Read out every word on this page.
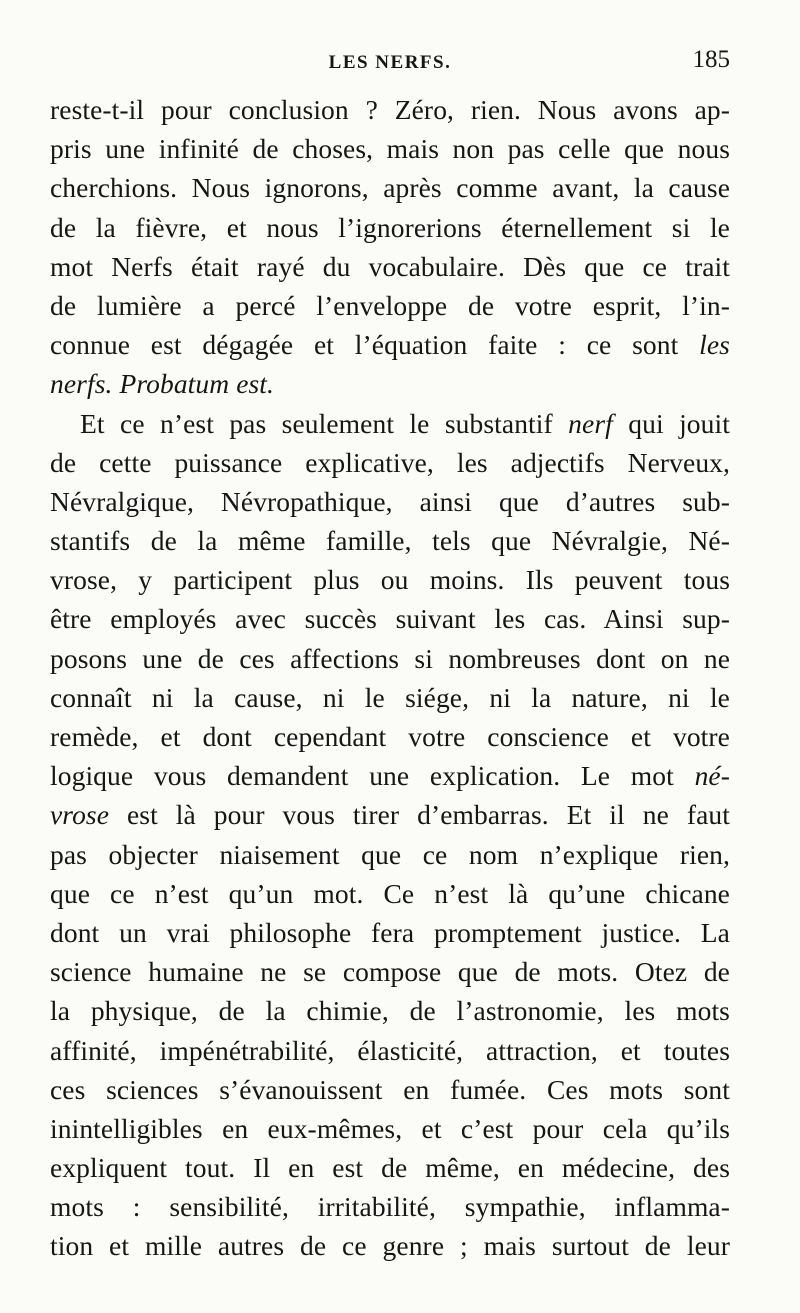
LES NERFS.	185
reste-t-il pour conclusion ? Zéro, rien. Nous avons ap-
pris une infinité de choses, mais non pas celle que nous
cherchions. Nous ignorons, après comme avant, la cause
de la fièvre, et nous l’ignorerions éternellement si le
mot Nerfs était rayé du vocabulaire. Dès que ce trait
de lumière a percé l’enveloppe de votre esprit, l’in-
connue est dégagée et l’équation faite : ce sont les
nerfs. Probatum est.
Et ce n’est pas seulement le substantif nerf qui jouit
de cette puissance explicative, les adjectifs Nerveux,
Névralgique, Névropathique, ainsi que d’autres sub-
stantifs de la même famille, tels que Névralgie, Né-
vrose, y participent plus ou moins. Ils peuvent tous
être employés avec succès suivant les cas. Ainsi sup-
posons une de ces affections si nombreuses dont on ne
connaît ni la cause, ni le siége, ni la nature, ni le
remède, et dont cependant votre conscience et votre
logique vous demandent une explication. Le mot né-
vrose est là pour vous tirer d’embarras. Et il ne faut
pas objecter niaisement que ce nom n’explique rien,
que ce n’est qu’un mot. Ce n’est là qu’une chicane
dont un vrai philosophe fera promptement justice. La
science humaine ne se compose que de mots. Otez de
la physique, de la chimie, de l’astronomie, les mots
affinité, impénétrabilité, élasticité, attraction, et toutes
ces sciences s’évanouissent en fumée. Ces mots sont
inintelligibles en eux-mêmes, et c’est pour cela qu’ils
expliquent tout. Il en est de même, en médecine, des
mots : sensibilité, irritabilité, sympathie, inflamma-
tion et mille autres de ce genre ; mais surtout de leur
